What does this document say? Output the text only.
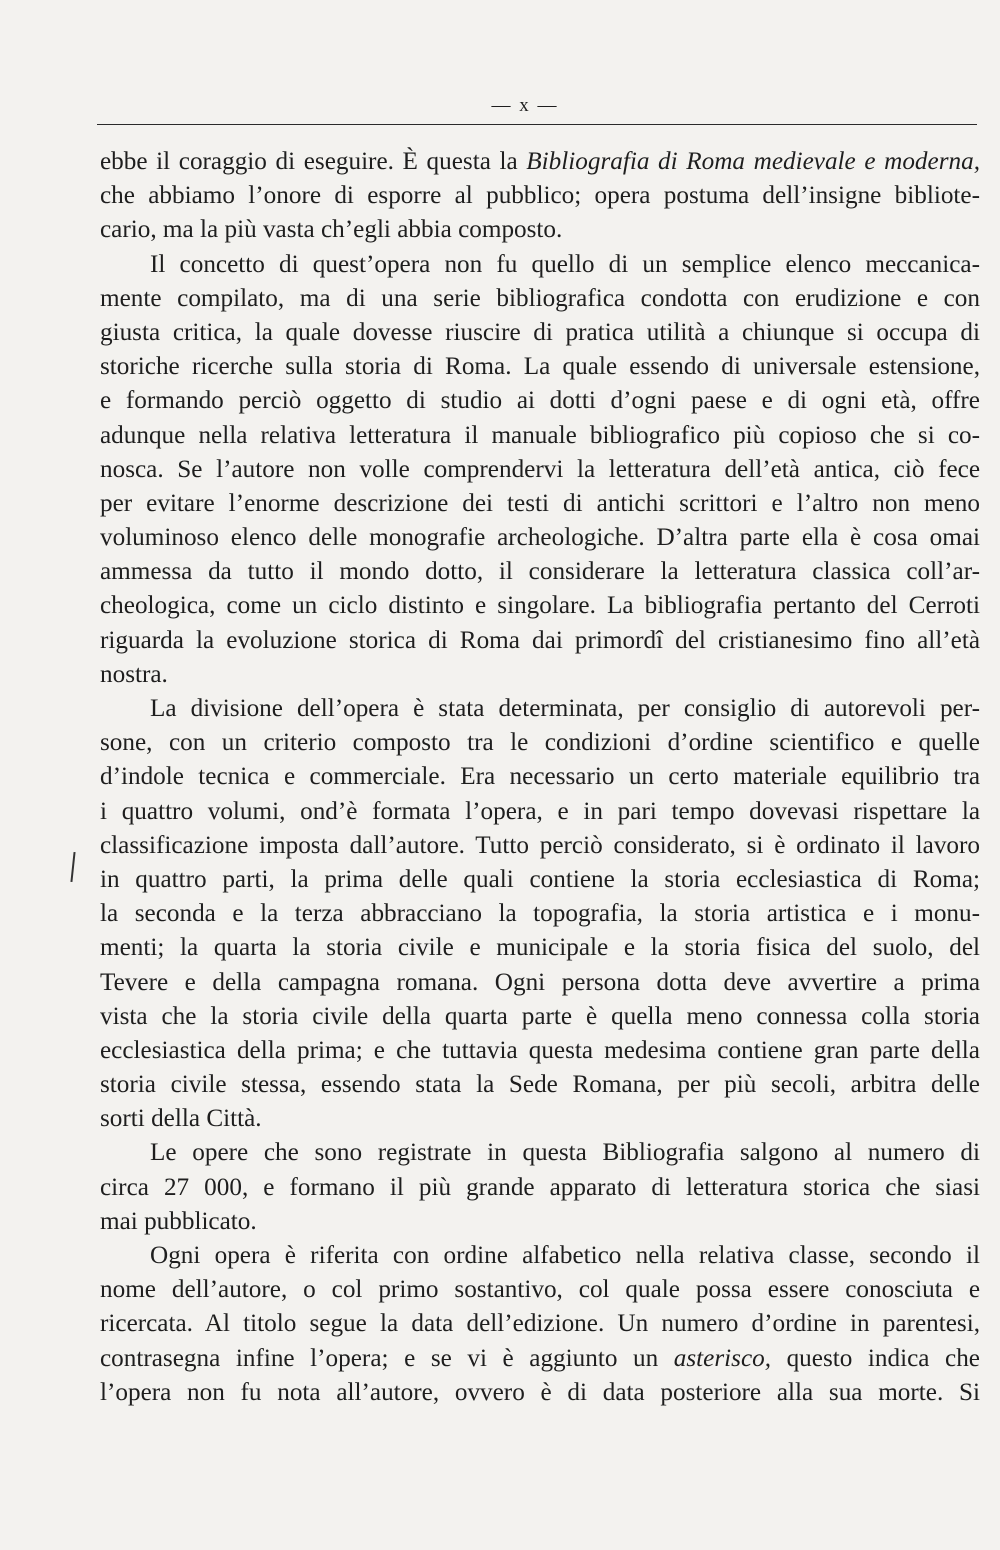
— x —
ebbe il coraggio di eseguire. È questa la Bibliografia di Roma medievale e moderna,
che abbiamo l’onore di esporre al pubblico; opera postuma dell’insigne bibliote-
cario, ma la più vasta ch’egli abbia composto.
Il concetto di quest’opera non fu quello di un semplice elenco meccanica-
mente compilato, ma di una serie bibliografica condotta con erudizione e con
giusta critica, la quale dovesse riuscire di pratica utilità a chiunque si occupa di
storiche ricerche sulla storia di Roma. La quale essendo di universale estensione,
e formando perciò oggetto di studio ai dotti d’ogni paese e di ogni età, offre
adunque nella relativa letteratura il manuale bibliografico più copioso che si co-
nosca. Se l’autore non volle comprendervi la letteratura dell’età antica, ciò fece
per evitare l’enorme descrizione dei testi di antichi scrittori e l’altro non meno
voluminoso elenco delle monografie archeologiche. D’altra parte ella è cosa omai
ammessa da tutto il mondo dotto, il considerare la letteratura classica coll’ar-
cheologica, come un ciclo distinto e singolare. La bibliografia pertanto del Cerroti
riguarda la evoluzione storica di Roma dai primordî del cristianesimo fino all’età
nostra.
La divisione dell’opera è stata determinata, per consiglio di autorevoli per-
sone, con un criterio composto tra le condizioni d’ordine scientifico e quelle
d’indole tecnica e commerciale. Era necessario un certo materiale equilibrio tra
i quattro volumi, ond’è formata l’opera, e in pari tempo dovevasi rispettare la
classificazione imposta dall’autore. Tutto perciò considerato, si è ordinato il lavoro
in quattro parti, la prima delle quali contiene la storia ecclesiastica di Roma;
la seconda e la terza abbracciano la topografia, la storia artistica e i monu-
menti; la quarta la storia civile e municipale e la storia fisica del suolo, del
Tevere e della campagna romana. Ogni persona dotta deve avvertire a prima
vista che la storia civile della quarta parte è quella meno connessa colla storia
ecclesiastica della prima; e che tuttavia questa medesima contiene gran parte della
storia civile stessa, essendo stata la Sede Romana, per più secoli, arbitra delle
sorti della Città.
Le opere che sono registrate in questa Bibliografia salgono al numero di
circa 27 000, e formano il più grande apparato di letteratura storica che siasi
mai pubblicato.
Ogni opera è riferita con ordine alfabetico nella relativa classe, secondo il
nome dell’autore, o col primo sostantivo, col quale possa essere conosciuta e
ricercata. Al titolo segue la data dell’edizione. Un numero d’ordine in parentesi,
contrasegna infine l’opera; e se vi è aggiunto un asterisco, questo indica che
l’opera non fu nota all’autore, ovvero è di data posteriore alla sua morte. Si
